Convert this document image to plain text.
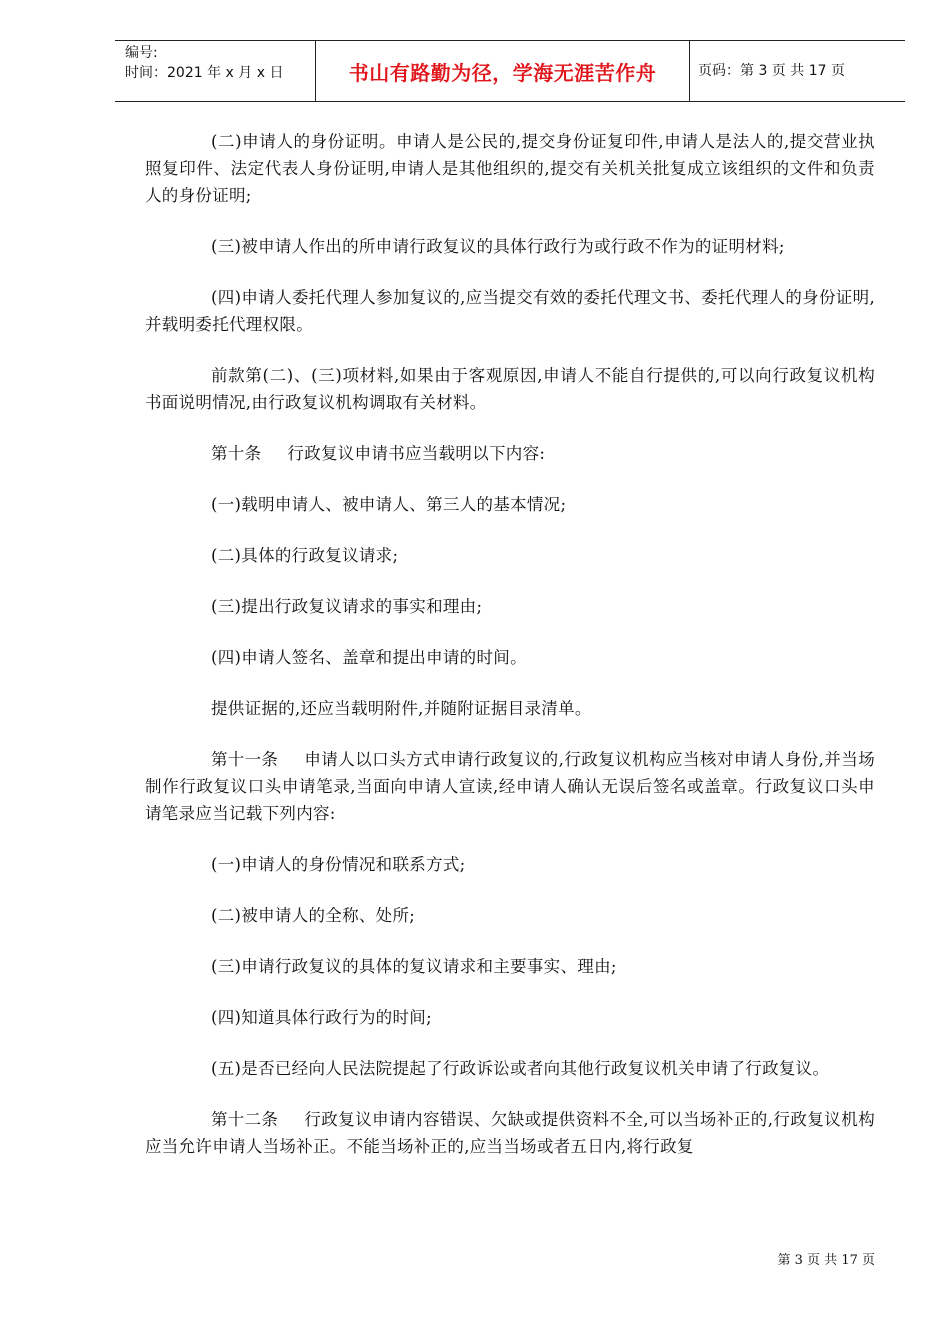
编号:
时间：2021 年 x 月 x 日	书山有路勤为径，学海无涯苦作舟	页码：第 3 页 共 17 页

(二)申请人的身份证明。申请人是公民的,提交身份证复印件,申请人是法人的,提交营业执照复印件、法定代表人身份证明,申请人是其他组织的,提交有关机关批复成立该组织的文件和负责人的身份证明;

(三)被申请人作出的所申请行政复议的具体行政行为或行政不作为的证明材料;

(四)申请人委托代理人参加复议的,应当提交有效的委托代理文书、委托代理人的身份证明,并载明委托代理权限。

前款第(二)、(三)项材料,如果由于客观原因,申请人不能自行提供的,可以向行政复议机构书面说明情况,由行政复议机构调取有关材料。

第十条 行政复议申请书应当载明以下内容:

(一)载明申请人、被申请人、第三人的基本情况;

(二)具体的行政复议请求;

(三)提出行政复议请求的事实和理由;

(四)申请人签名、盖章和提出申请的时间。

提供证据的,还应当载明附件,并随附证据目录清单。

第十一条 申请人以口头方式申请行政复议的,行政复议机构应当核对申请人身份,并当场制作行政复议口头申请笔录,当面向申请人宣读,经申请人确认无误后签名或盖章。行政复议口头申请笔录应当记载下列内容:

(一)申请人的身份情况和联系方式;

(二)被申请人的全称、处所;

(三)申请行政复议的具体的复议请求和主要事实、理由;

(四)知道具体行政行为的时间;

(五)是否已经向人民法院提起了行政诉讼或者向其他行政复议机关申请了行政复议。

第十二条 行政复议申请内容错误、欠缺或提供资料不全,可以当场补正的,行政复议机构应当允许申请人当场补正。不能当场补正的,应当当场或者五日内,将行政复

第 3 页 共 17 页
